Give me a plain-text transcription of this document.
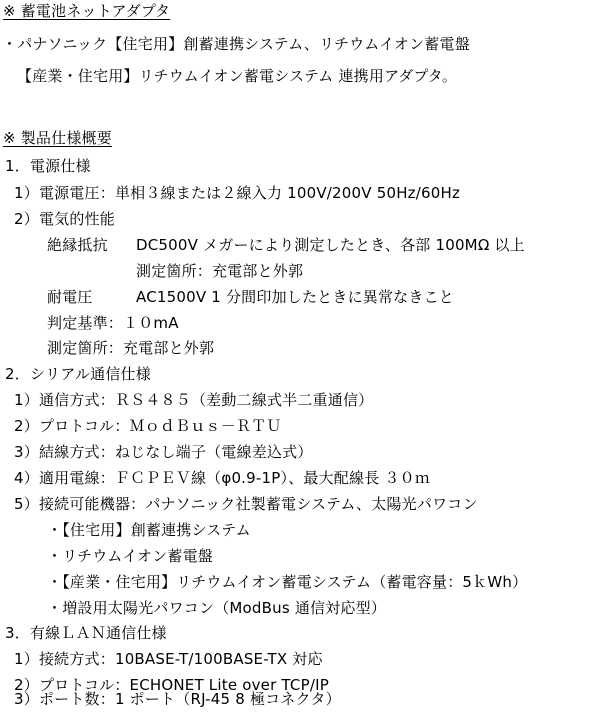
※ 蓄電池ネットアダプタ
・パナソニック【住宅用】創蓄連携システム、リチウムイオン蓄電盤
【産業・住宅用】リチウムイオン蓄電システム 連携用アダプタ。
※ 製品仕様概要
1．電源仕様
1）電源電圧：単相３線または２線入力 100V/200V 50Hz/60Hz
2）電気的性能
絶縁抵抗 DC500V メガーにより測定したとき、各部 100MΩ 以上
測定箇所：充電部と外郭
耐電圧	AC1500V 1 分間印加したときに異常なきこと
判定基準：１０mA
測定箇所：充電部と外郭
2．シリアル通信仕様
1）通信方式：ＲＳ４８５（差動二線式半二重通信）
2）プロトコル：ＭｏｄＢｕｓ－ＲＴＵ
3）結線方式：ねじなし端子（電線差込式）
4）適用電線：ＦＣＰＥＶ線（φ0.9-1P）、最大配線長 ３０ｍ
5）接続可能機器：パナソニック社製蓄電システム、太陽光パワコン
・【住宅用】創蓄連携システム
・リチウムイオン蓄電盤
・【産業・住宅用】リチウムイオン蓄電システム（蓄電容量：5ｋWh）
・増設用太陽光パワコン（ModBus 通信対応型）
3．有線ＬＡＮ通信仕様
1）接続方式：10BASE-T/100BASE-TX 対応
2）プロトコル：ECHONET Lite over TCP/IP
3）ポート数：1 ポート（RJ-45 8 極コネクタ）
